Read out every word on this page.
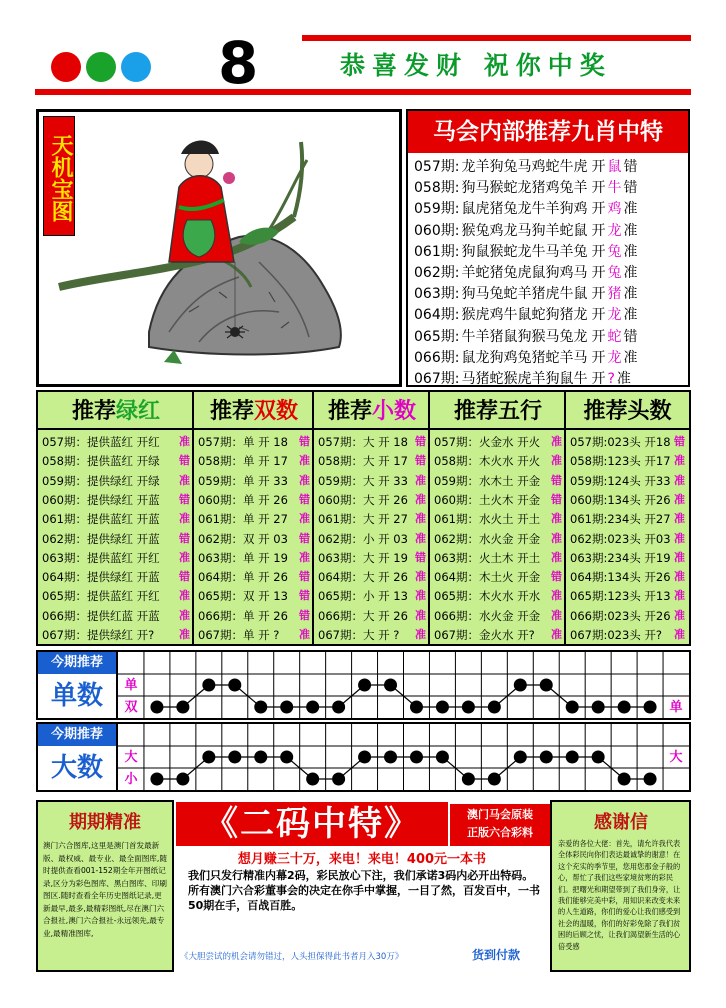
8	恭喜发财 祝你中奖
天机宝图
马会内部推荐九肖中特
057期: 龙羊狗兔马鸡蛇牛虎 开 鼠 错
058期: 狗马猴蛇龙猪鸡兔羊 开 牛 错
059期: 鼠虎猪兔龙牛羊狗鸡 开 鸡 准
060期: 猴兔鸡龙马狗羊蛇鼠 开 龙 准
061期: 狗鼠猴蛇龙牛马羊兔 开 兔 准
062期: 羊蛇猪兔虎鼠狗鸡马 开 兔 准
063期: 狗马兔蛇羊猪虎牛鼠 开 猪 准
064期: 猴虎鸡牛鼠蛇狗猪龙 开 龙 准
065期: 牛羊猪鼠狗猴马兔龙 开 蛇 错
066期: 鼠龙狗鸡兔猪蛇羊马 开 龙 准
067期: 马猪蛇猴虎羊狗鼠牛 开 ? 准
推荐绿红
057期：提供蓝红 开红 准
058期：提供蓝红 开绿 错
059期：提供绿红 开绿 准
060期：提供绿红 开蓝 错
061期：提供蓝红 开蓝 准
062期：提供绿红 开蓝 错
063期：提供蓝红 开红 准
064期：提供绿红 开蓝 错
065期：提供蓝红 开红 准
066期：提供红蓝 开蓝 准
067期：提供绿红 开? 准
推荐双数
057期：单 开 18 错
058期：单 开 17 准
059期：单 开 33 准
060期：单 开 26 错
061期：单 开 27 准
062期：双 开 03 错
063期：单 开 19 准
064期：单 开 26 错
065期：双 开 13 错
066期：单 开 26 错
067期：单 开 ? 准
推荐小数
057期：大 开 18 错
058期：大 开 17 错
059期：大 开 33 准
060期：大 开 26 准
061期：大 开 27 准
062期：小 开 03 准
063期：大 开 19 错
064期：大 开 26 准
065期：小 开 13 准
066期：大 开 26 准
067期：大 开 ? 准
推荐五行
057期：火金水 开火 准
058期：木火水 开火 准
059期：水木土 开金 错
060期：土火木 开金 错
061期：水火土 开土 准
062期：水火金 开金 准
063期：火土木 开土 准
064期：木土火 开金 错
065期：木火水 开水 准
066期：水火金 开金 准
067期：金火水 开? 准
推荐头数
057期:023头 开18 错
058期:123头 开17 准
059期:124头 开33 准
060期:134头 开26 准
061期:234头 开27 准
062期:023头 开03 准
063期:234头 开19 准
064期:134头 开26 准
065期:123头 开13 准
066期:023头 开26 准
067期:023头 开? 准
今期推荐
单数	单
双	单
今期推荐
大数	大
小
大
期期精准
澳门六合图库,这里是澳门首发最新版、最权威、最专业、最全面图库,随时提供查看001-152期全年开图纸记录,区分为彩色图库、黑白图库、印刷图区.随时查看全年历史图纸记录,更新最早,最多,最精彩图纸,尽在澳门六合报社,澳门六合报社-永远领先,最专业,最精准图库,
《二码中特》	澳门马会原装
正版六合彩料
想月赚三十万，来电！来电！400元一本书
我们只发行精准内幕2码，彩民放心下注，我们承诺3码内必开出特码。所有澳门六合彩董事会的决定在你手中掌握，一目了然，百发百中，一书50期在手，百战百胜。
《大胆尝试的机会请勿错过，人头担保得此书者月入30万》	货到付款
感谢信
亲爱的各位大佬：首先，请允许我代表全体彩民向你们表达最诚挚的谢意！在这个充实的季节里，您用您那金子般的心，帮忙了我们这些家境贫寒的彩民们。把曙光和期望带到了我们身旁，让我们能够完美中彩，用知识来改变未来的人生道路，你们的爱心让我们感受到社会的温暖，你们的好彩免除了我们贫困的后顾之忧，让我们渴望新生活的心倍受感
